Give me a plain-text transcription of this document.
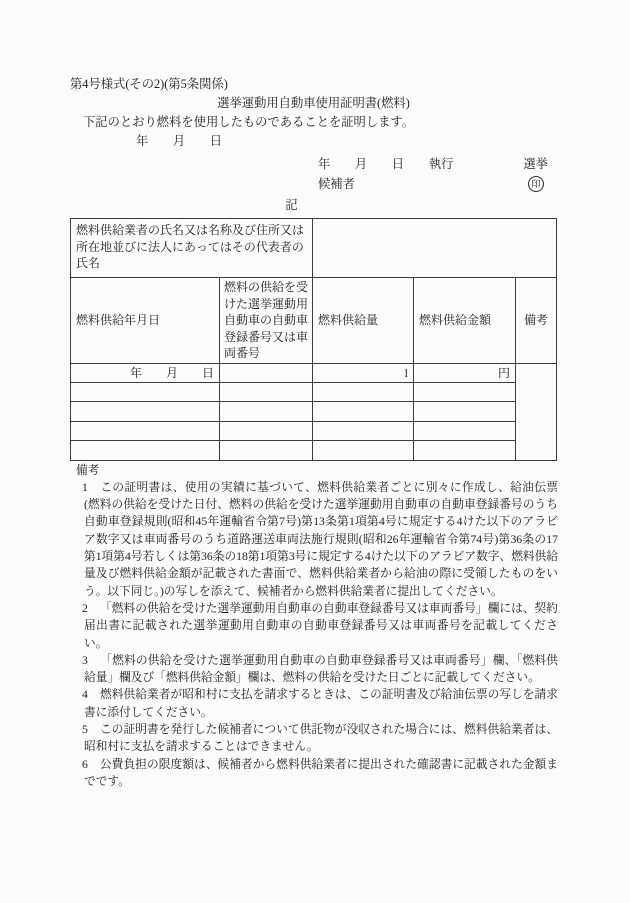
第4号様式(その2)(第5条関係)
選挙運動用自動車使用証明書(燃料)
下記のとおり燃料を使用したものであることを証明します。
年　　月　　日
年　　月　　日　　 執行	選挙
候補者	印
記
燃料供給業者の氏名又は名称及び住所又は所在地並びに法人にあってはその代表者の氏名				
燃料供給年月日	燃料の供給を受けた選挙運動用自動車の自動車登録番号又は車両番号	燃料供給量	燃料供給金額	備考
年　　月　　日		l	円	

備考
1 この証明書は、使用の実績に基づいて、燃料供給業者ごとに別々に作成し、給油伝票(燃料の供給を受けた日付、燃料の供給を受けた選挙運動用自動車の自動車登録番号のうち自動車登録規則(昭和45年運輸省令第7号)第13条第1項第4号に規定する4けた以下のアラビア数字又は車両番号のうち道路運送車両法施行規則(昭和26年運輸省令第74号)第36条の17第1項第4号若しくは第36条の18第1項第3号に規定する4けた以下のアラビア数字、燃料供給量及び燃料供給金額が記載された書面で、燃料供給業者から給油の際に受領したものをいう。以下同じ。)の写しを添えて、候補者から燃料供給業者に提出してください。
2 「燃料の供給を受けた選挙運動用自動車の自動車登録番号又は車両番号」欄には、契約届出書に記載された選挙運動用自動車の自動車登録番号又は車両番号を記載してください。
3 「燃料の供給を受けた選挙運動用自動車の自動車登録番号又は車両番号」欄、「燃料供給量」欄及び「燃料供給金額」欄は、燃料の供給を受けた日ごとに記載してください。
4 燃料供給業者が昭和村に支払を請求するときは、この証明書及び給油伝票の写しを請求書に添付してください。
5 この証明書を発行した候補者について供託物が没収された場合には、燃料供給業者は、昭和村に支払を請求することはできません。
6 公費負担の限度額は、候補者から燃料供給業者に提出された確認書に記載された金額までです。
